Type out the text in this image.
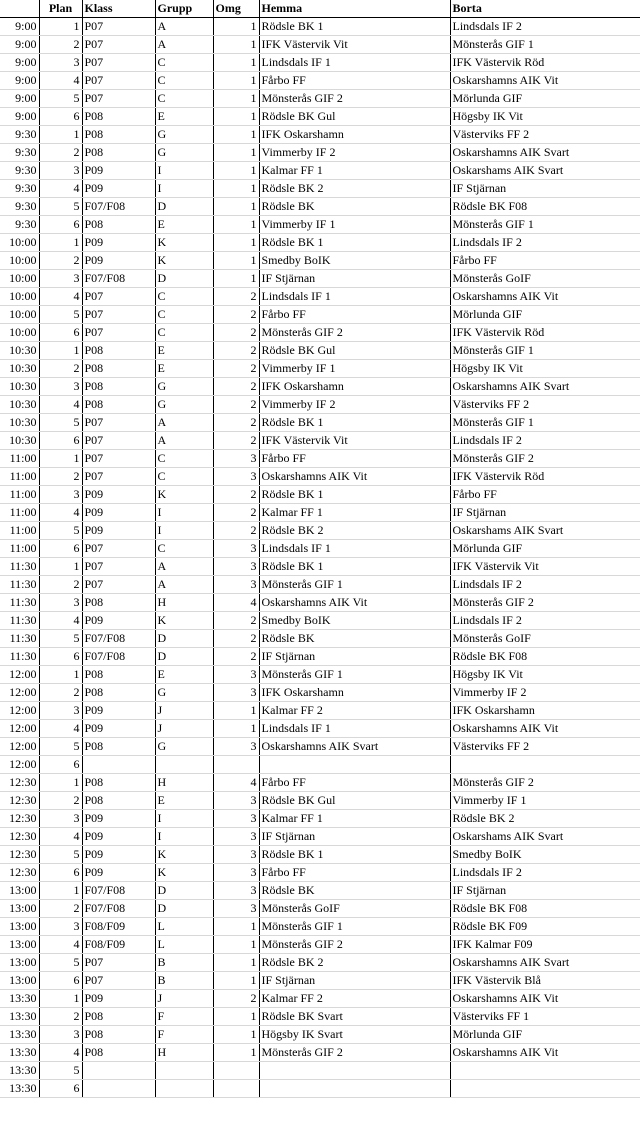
	Plan	Klass	Grupp	Omg	Hemma	Borta
9:00	1	P07	A	1	Rödsle BK 1	Lindsdals IF 2
9:00	2	P07	A	1	IFK Västervik Vit	Mönsterås GIF 1
9:00	3	P07	C	1	Lindsdals IF 1	IFK Västervik Röd
9:00	4	P07	C	1	Fårbo FF	Oskarshamns AIK Vit
9:00	5	P07	C	1	Mönsterås GIF 2	Mörlunda GIF
9:00	6	P08	E	1	Rödsle BK Gul	Högsby IK Vit
9:30	1	P08	G	1	IFK Oskarshamn	Västerviks FF 2
9:30	2	P08	G	1	Vimmerby IF 2	Oskarshamns AIK Svart
9:30	3	P09	I	1	Kalmar FF 1	Oskarshams AIK Svart
9:30	4	P09	I	1	Rödsle BK 2	IF Stjärnan
9:30	5	F07/F08	D	1	Rödsle BK	Rödsle BK F08
9:30	6	P08	E	1	Vimmerby IF 1	Mönsterås GIF 1
10:00	1	P09	K	1	Rödsle BK 1	Lindsdals IF 2
10:00	2	P09	K	1	Smedby BoIK	Fårbo FF
10:00	3	F07/F08	D	1	IF Stjärnan	Mönsterås GoIF
10:00	4	P07	C	2	Lindsdals IF 1	Oskarshamns AIK Vit
10:00	5	P07	C	2	Fårbo FF	Mörlunda GIF
10:00	6	P07	C	2	Mönsterås GIF 2	IFK Västervik Röd
10:30	1	P08	E	2	Rödsle BK Gul	Mönsterås GIF 1
10:30	2	P08	E	2	Vimmerby IF 1	Högsby IK Vit
10:30	3	P08	G	2	IFK Oskarshamn	Oskarshamns AIK Svart
10:30	4	P08	G	2	Vimmerby IF 2	Västerviks FF 2
10:30	5	P07	A	2	Rödsle BK 1	Mönsterås GIF 1
10:30	6	P07	A	2	IFK Västervik Vit	Lindsdals IF 2
11:00	1	P07	C	3	Fårbo FF	Mönsterås GIF 2
11:00	2	P07	C	3	Oskarshamns AIK Vit	IFK Västervik Röd
11:00	3	P09	K	2	Rödsle BK 1	Fårbo FF
11:00	4	P09	I	2	Kalmar FF 1	IF Stjärnan
11:00	5	P09	I	2	Rödsle BK 2	Oskarshams AIK Svart
11:00	6	P07	C	3	Lindsdals IF 1	Mörlunda GIF
11:30	1	P07	A	3	Rödsle BK 1	IFK Västervik Vit
11:30	2	P07	A	3	Mönsterås GIF 1	Lindsdals IF 2
11:30	3	P08	H	4	Oskarshamns AIK Vit	Mönsterås GIF 2
11:30	4	P09	K	2	Smedby BoIK	Lindsdals IF 2
11:30	5	F07/F08	D	2	Rödsle BK	Mönsterås GoIF
11:30	6	F07/F08	D	2	IF Stjärnan	Rödsle BK F08
12:00	1	P08	E	3	Mönsterås GIF 1	Högsby IK Vit
12:00	2	P08	G	3	IFK Oskarshamn	Vimmerby IF 2
12:00	3	P09	J	1	Kalmar FF 2	IFK Oskarshamn
12:00	4	P09	J	1	Lindsdals IF 1	Oskarshamns AIK Vit
12:00	5	P08	G	3	Oskarshamns AIK Svart	Västerviks FF 2
12:00	6					
12:30	1	P08	H	4	Fårbo FF	Mönsterås GIF 2
12:30	2	P08	E	3	Rödsle BK Gul	Vimmerby IF 1
12:30	3	P09	I	3	Kalmar FF 1	Rödsle BK 2
12:30	4	P09	I	3	IF Stjärnan	Oskarshams AIK Svart
12:30	5	P09	K	3	Rödsle BK 1	Smedby BoIK
12:30	6	P09	K	3	Fårbo FF	Lindsdals IF 2
13:00	1	F07/F08	D	3	Rödsle BK	IF Stjärnan
13:00	2	F07/F08	D	3	Mönsterås GoIF	Rödsle BK F08
13:00	3	F08/F09	L	1	Mönsterås GIF 1	Rödsle BK F09
13:00	4	F08/F09	L	1	Mönsterås GIF 2	IFK Kalmar F09
13:00	5	P07	B	1	Rödsle BK 2	Oskarshamns AIK Svart
13:00	6	P07	B	1	IF Stjärnan	IFK Västervik Blå
13:30	1	P09	J	2	Kalmar FF 2	Oskarshamns AIK Vit
13:30	2	P08	F	1	Rödsle BK Svart	Västerviks FF 1
13:30	3	P08	F	1	Högsby IK Svart	Mörlunda GIF
13:30	4	P08	H	1	Mönsterås GIF 2	Oskarshamns AIK Vit
13:30	5					
13:30	6					
